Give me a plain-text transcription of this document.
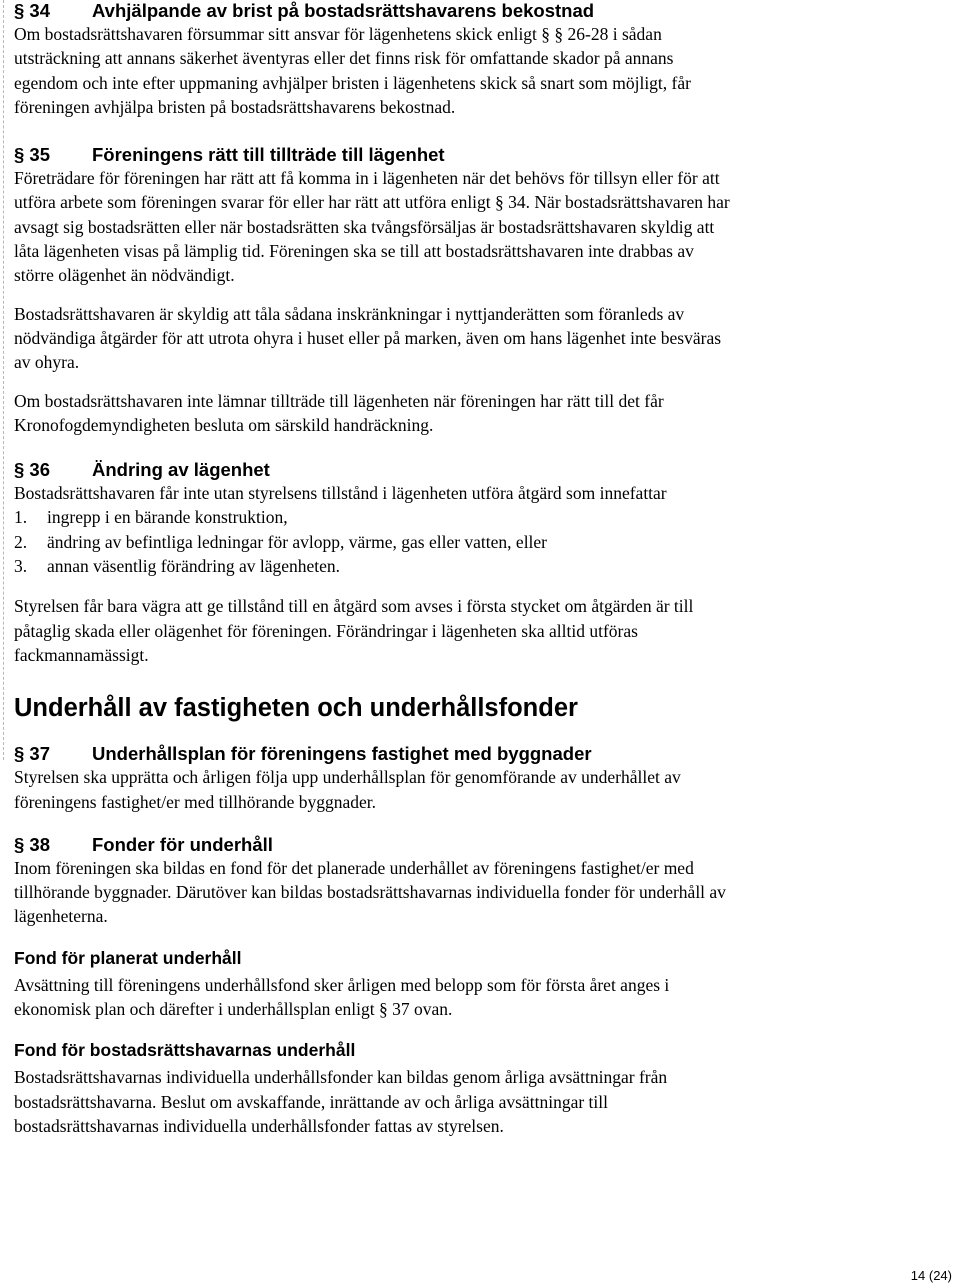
§ 34	Avhjälpande av brist på bostadsrättshavarens bekostnad

Om bostadsrättshavaren försummar sitt ansvar för lägenhetens skick enligt § § 26-28 i sådan utsträckning att annans säkerhet äventyras eller det finns risk för omfattande skador på annans egendom och inte efter uppmaning avhjälper bristen i lägenhetens skick så snart som möjligt, får föreningen avhjälpa bristen på bostadsrättshavarens bekostnad.

§ 35	Föreningens rätt till tillträde till lägenhet

Företrädare för föreningen har rätt att få komma in i lägenheten när det behövs för tillsyn eller för att utföra arbete som föreningen svarar för eller har rätt att utföra enligt § 34. När bostadsrättshavaren har avsagt sig bostadsrätten eller när bostadsrätten ska tvångsförsäljas är bostadsrättshavaren skyldig att låta lägenheten visas på lämplig tid. Föreningen ska se till att bostadsrättshavaren inte drabbas av större olägenhet än nödvändigt.

Bostadsrättshavaren är skyldig att tåla sådana inskränkningar i nyttjanderätten som föranleds av nödvändiga åtgärder för att utrota ohyra i huset eller på marken, även om hans lägenhet inte besväras av ohyra.

Om bostadsrättshavaren inte lämnar tillträde till lägenheten när föreningen har rätt till det får Kronofogdemyndigheten besluta om särskild handräckning.

§ 36	Ändring av lägenhet

Bostadsrättshavaren får inte utan styrelsens tillstånd i lägenheten utföra åtgärd som innefattar

1.	ingrepp i en bärande konstruktion,
2.	ändring av befintliga ledningar för avlopp, värme, gas eller vatten, eller
3.	annan väsentlig förändring av lägenheten.

Styrelsen får bara vägra att ge tillstånd till en åtgärd som avses i första stycket om åtgärden är till påtaglig skada eller olägenhet för föreningen. Förändringar i lägenheten ska alltid utföras fackmannamässigt.

Underhåll av fastigheten och underhållsfonder
§ 37	Underhållsplan för föreningens fastighet med byggnader

Styrelsen ska upprätta och årligen följa upp underhållsplan för genomförande av underhållet av föreningens fastighet/er med tillhörande byggnader.

§ 38	Fonder för underhåll

Inom föreningen ska bildas en fond för det planerade underhållet av föreningens fastighet/er med tillhörande byggnader. Därutöver kan bildas bostadsrättshavarnas individuella fonder för underhåll av lägenheterna.

Fond för planerat underhåll

Avsättning till föreningens underhållsfond sker årligen med belopp som för första året anges i ekonomisk plan och därefter i underhållsplan enligt § 37 ovan.

Fond för bostadsrättshavarnas underhåll

Bostadsrättshavarnas individuella underhållsfonder kan bildas genom årliga avsättningar från bostadsrättshavarna. Beslut om avskaffande, inrättande av och årliga avsättningar till bostadsrättshavarnas individuella underhållsfonder fattas av styrelsen.

14 (24)
